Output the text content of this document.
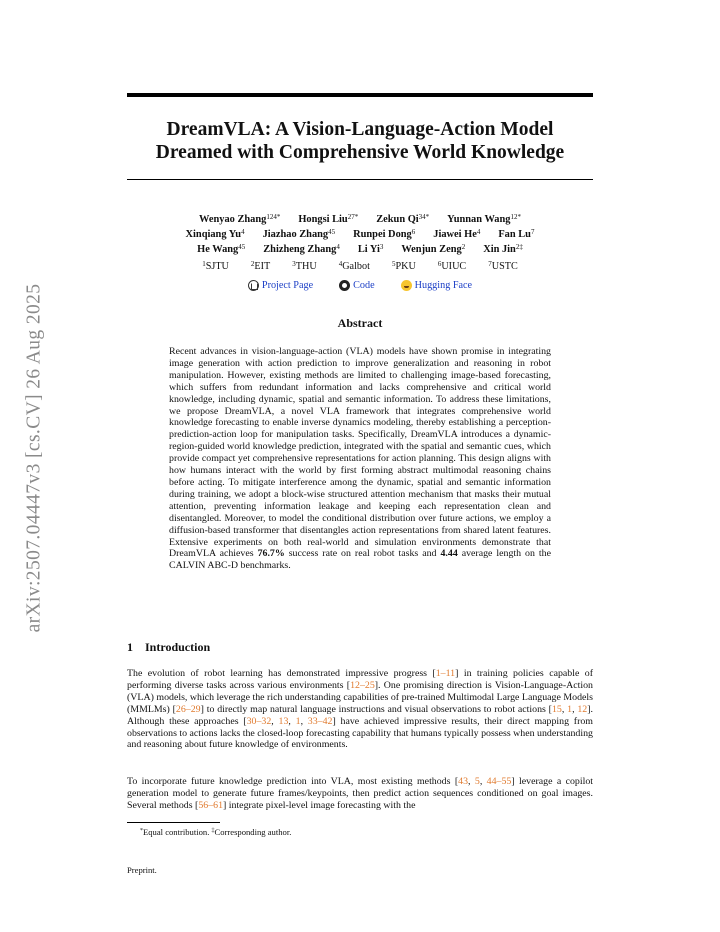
arXiv:2507.04447v3 [cs.CV] 26 Aug 2025
DreamVLA: A Vision-Language-Action Model
Dreamed with Comprehensive World Knowledge
Wenyao Zhang$^{124*}$ Hongsi Liu$^{27*}$ Zekun $Qi^{34*}$ Yunnan Wang$^{12*}$
Xinqiang Yu$^4$ Jiazhao Zhang$^{45}$ Runpei Dong$^6$ Jiawei He$^4$ Fan Lu$^7$
He Wang$^{45}$ Zhizheng Zhang$^4$ Li Yi$^3$ Wenjun Zeng$^2$ Xin Jin$^{2\ddagger}$
$^1$SJTU	$^2$EIT	$^3$THU	$^4$Galbot	$^5$PKU	$^6$UIUC	$^7$USTC
Project Page	Code	Hugging Face
Abstract
Recent advances in vision-language-action (VLA) models have shown promise in integrating image generation with action prediction to improve generalization and reasoning in robot manipulation. However, existing methods are limited to challenging image-based forecasting, which suffers from redundant information and lacks comprehensive and critical world knowledge, including dynamic, spatial and semantic information. To address these limitations, we propose DreamVLA, a novel VLA framework that integrates comprehensive world knowledge forecasting to enable inverse dynamics modeling, thereby establishing a perception-prediction-action loop for manipulation tasks. Specifically, DreamVLA introduces a dynamic-region-guided world knowledge prediction, integrated with the spatial and semantic cues, which provide compact yet comprehensive representations for action planning. This design aligns with how humans interact with the world by first forming abstract multimodal reasoning chains before acting. To mitigate interference among the dynamic, spatial and semantic information during training, we adopt a block-wise structured attention mechanism that masks their mutual attention, preventing information leakage and keeping each representation clean and disentangled. Moreover, to model the conditional distribution over future actions, we employ a diffusion-based transformer that disentangles action representations from shared latent features. Extensive experiments on both real-world and simulation environments demonstrate that DreamVLA achieves 76.7% success rate on real robot tasks and 4.44 average length on the CALVIN ABC-D benchmarks.
1 Introduction
The evolution of robot learning has demonstrated impressive progress [1–11] in training policies capable of performing diverse tasks across various environments [12–25]. One promising direction is Vision-Language-Action (VLA) models, which leverage the rich understanding capabilities of pre-trained Multimodal Large Language Models (MMLMs) [26–29] to directly map natural language instructions and visual observations to robot actions [15, 1, 12]. Although these approaches [30–32, 13, 1, 33–42] have achieved impressive results, their direct mapping from observations to actions lacks the closed-loop forecasting capability that humans typically possess when understanding and reasoning about future knowledge of environments.
To incorporate future knowledge prediction into VLA, most existing methods [43, 5, 44–55] leverage a copilot generation model to generate future frames/keypoints, then predict action sequences conditioned on goal images. Several methods [56–61] integrate pixel-level image forecasting with the
*Equal contribution. ‡Corresponding author.
Preprint.
